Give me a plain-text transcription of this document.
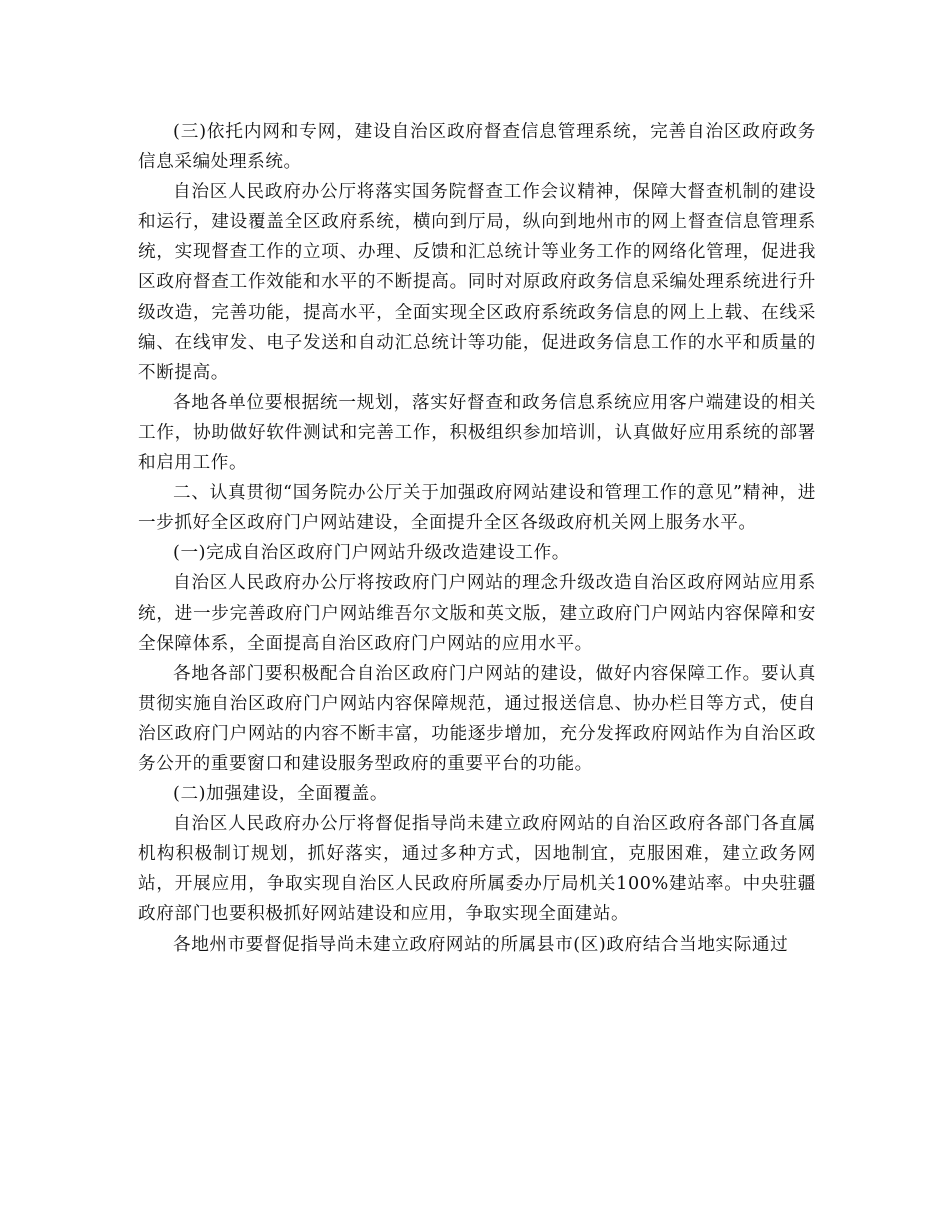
(三)依托内网和专网，建设自治区政府督查信息管理系统，完善自治区政府政务信息采编处理系统。

自治区人民政府办公厅将落实国务院督查工作会议精神，保障大督查机制的建设和运行，建设覆盖全区政府系统，横向到厅局，纵向到地州市的网上督查信息管理系统，实现督查工作的立项、办理、反馈和汇总统计等业务工作的网络化管理，促进我区政府督查工作效能和水平的不断提高。同时对原政府政务信息采编处理系统进行升级改造，完善功能，提高水平，全面实现全区政府系统政务信息的网上上载、在线采编、在线审发、电子发送和自动汇总统计等功能，促进政务信息工作的水平和质量的不断提高。

各地各单位要根据统一规划，落实好督查和政务信息系统应用客户端建设的相关工作，协助做好软件测试和完善工作，积极组织参加培训，认真做好应用系统的部署和启用工作。

二、认真贯彻“国务院办公厅关于加强政府网站建设和管理工作的意见”精神，进一步抓好全区政府门户网站建设，全面提升全区各级政府机关网上服务水平。

(一)完成自治区政府门户网站升级改造建设工作。

自治区人民政府办公厅将按政府门户网站的理念升级改造自治区政府网站应用系统，进一步完善政府门户网站维吾尔文版和英文版，建立政府门户网站内容保障和安全保障体系，全面提高自治区政府门户网站的应用水平。

各地各部门要积极配合自治区政府门户网站的建设，做好内容保障工作。要认真贯彻实施自治区政府门户网站内容保障规范，通过报送信息、协办栏目等方式，使自治区政府门户网站的内容不断丰富，功能逐步增加，充分发挥政府网站作为自治区政务公开的重要窗口和建设服务型政府的重要平台的功能。

(二)加强建设，全面覆盖。

自治区人民政府办公厅将督促指导尚未建立政府网站的自治区政府各部门各直属机构积极制订规划，抓好落实，通过多种方式，因地制宜，克服困难，建立政务网站，开展应用，争取实现自治区人民政府所属委办厅局机关100%建站率。中央驻疆政府部门也要积极抓好网站建设和应用，争取实现全面建站。

各地州市要督促指导尚未建立政府网站的所属县市(区)政府结合当地实际通过
